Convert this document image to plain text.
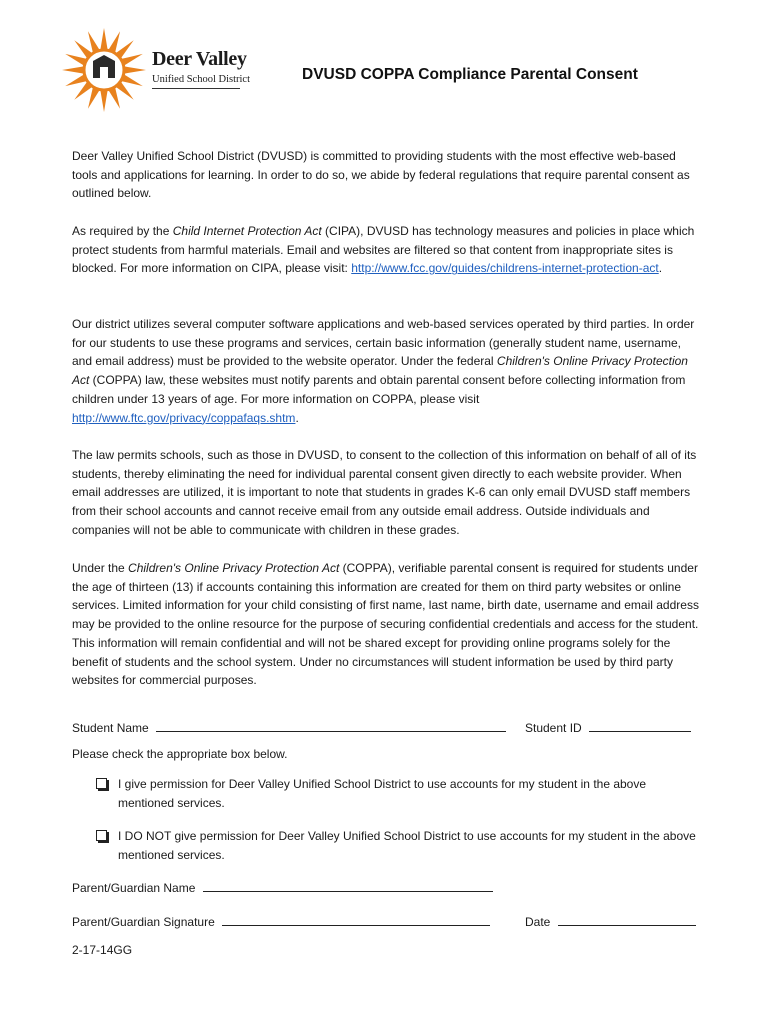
Deer Valley
Unified School District	DVUSD COPPA Compliance Parental Consent

Deer Valley Unified School District (DVUSD) is committed to providing students with the most effective web-based tools and applications for learning. In order to do so, we abide by federal regulations that require parental consent as outlined below.

As required by the Child Internet Protection Act (CIPA), DVUSD has technology measures and policies in place which protect students from harmful materials. Email and websites are filtered so that content from inappropriate sites is blocked. For more information on CIPA, please visit: http://www.fcc.gov/guides/childrens-internet-protection-act.

Our district utilizes several computer software applications and web-based services operated by third parties. In order for our students to use these programs and services, certain basic information (generally student name, username, and email address) must be provided to the website operator. Under the federal Children's Online Privacy Protection Act (COPPA) law, these websites must notify parents and obtain parental consent before collecting information from children under 13 years of age. For more information on COPPA, please visit http://www.ftc.gov/privacy/coppafaqs.shtm.

The law permits schools, such as those in DVUSD, to consent to the collection of this information on behalf of all of its students, thereby eliminating the need for individual parental consent given directly to each website provider. When email addresses are utilized, it is important to note that students in grades K-6 can only email DVUSD staff members from their school accounts and cannot receive email from any outside email address. Outside individuals and companies will not be able to communicate with children in these grades.

Under the Children's Online Privacy Protection Act (COPPA), verifiable parental consent is required for students under the age of thirteen (13) if accounts containing this information are created for them on third party websites or online services. Limited information for your child consisting of first name, last name, birth date, username and email address may be provided to the online resource for the purpose of securing confidential credentials and access for the student. This information will remain confidential and will not be shared except for providing online programs solely for the benefit of students and the school system. Under no circumstances will student information be used by third party websites for commercial purposes.

Student Name	Student ID
Please check the appropriate box below.
I give permission for Deer Valley Unified School District to use accounts for my student in the above mentioned services.
I DO NOT give permission for Deer Valley Unified School District to use accounts for my student in the above mentioned services.
Parent/Guardian Name
Parent/Guardian Signature	Date
2-17-14GG
